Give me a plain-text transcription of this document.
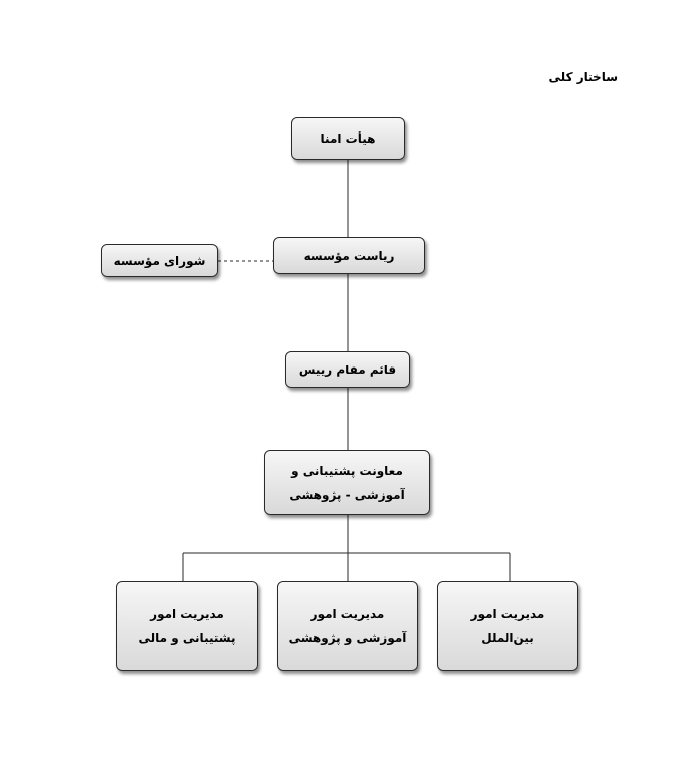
ساختار کلی
هیأت امنا
ریاست مؤسسه
شورای مؤسسه
قائم مقام رییس
معاونت پشتیبانی و
آموزشی - پژوهشی
مدیریت امور
پشتیبانی و مالی
مدیریت امور
آموزشی و پژوهشی
مدیریت امور
بین‌الملل
